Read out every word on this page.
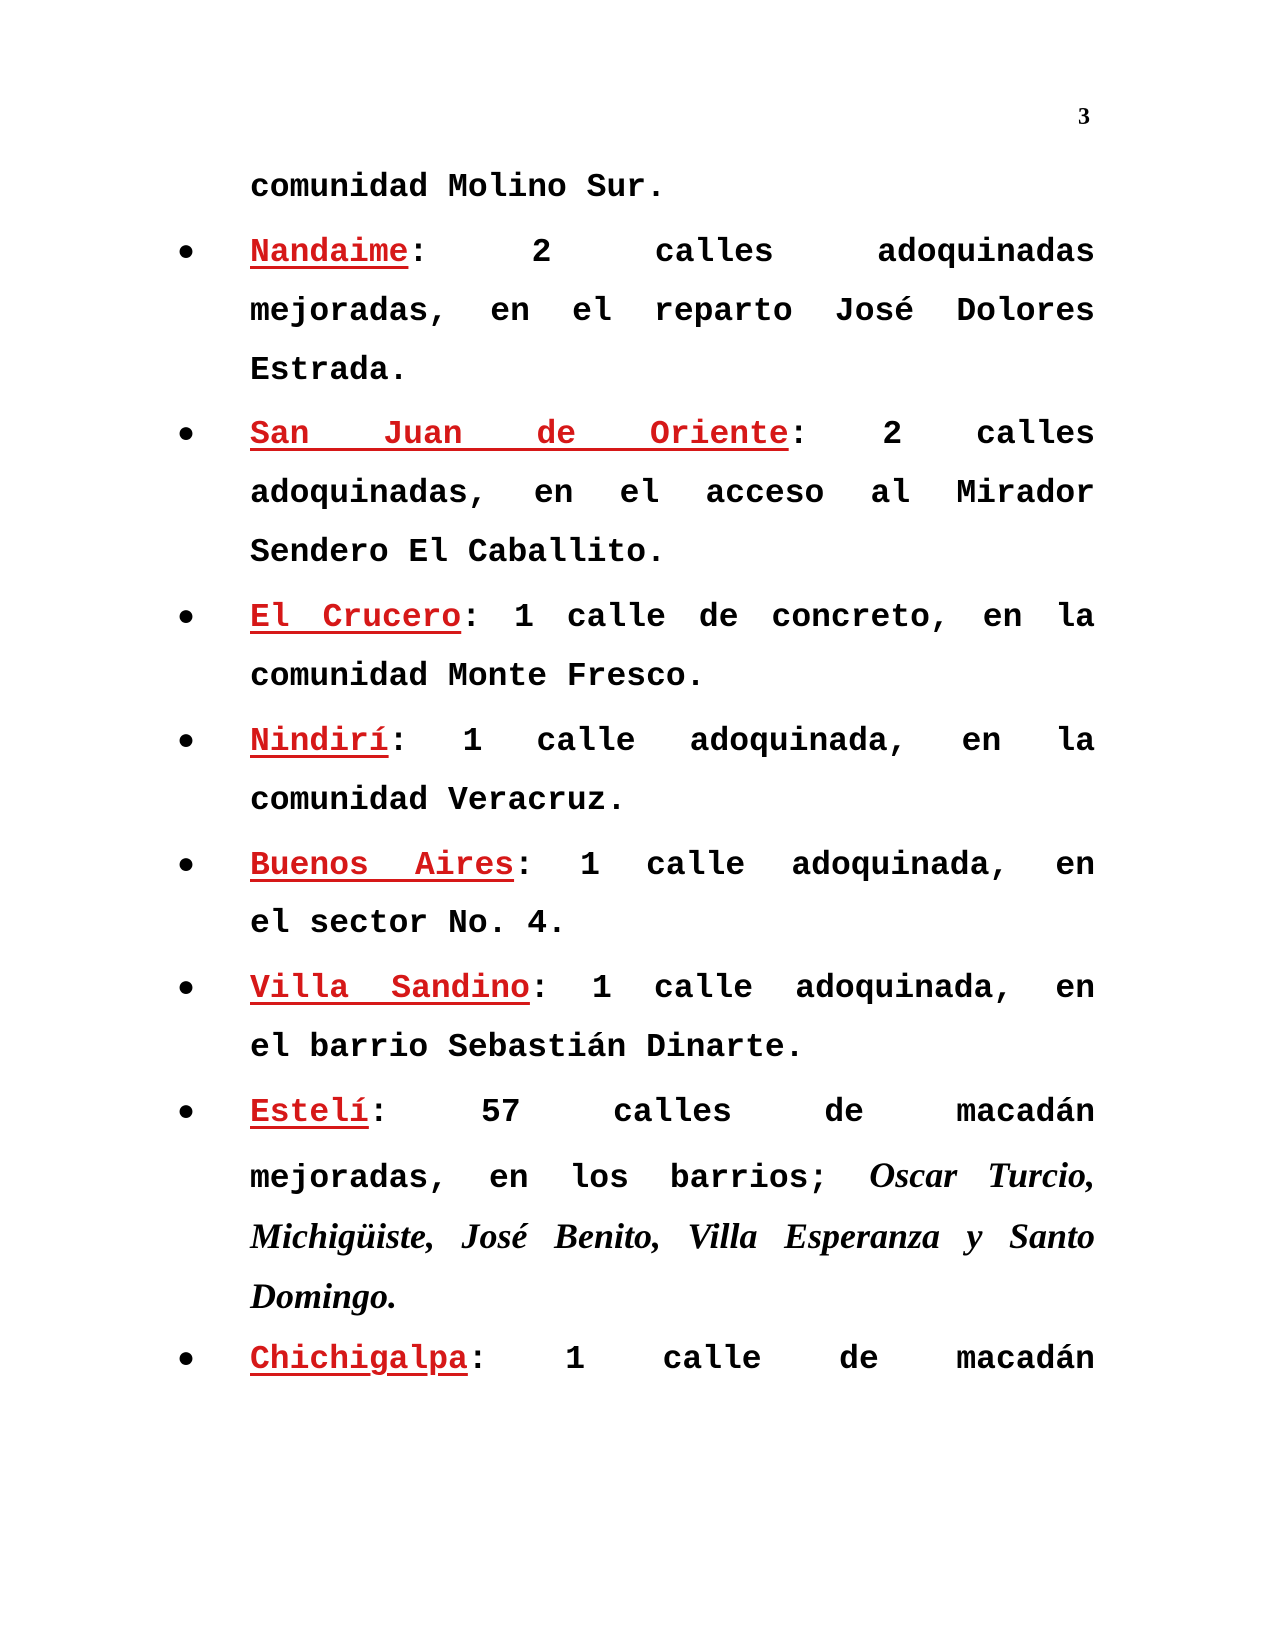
3
comunidad Molino Sur.
● Nandaime: 2 calles adoquinadas
mejoradas, en el reparto José Dolores
Estrada.
● San Juan de Oriente: 2 calles
adoquinadas, en el acceso al Mirador
Sendero El Caballito.
● El Crucero: 1 calle de concreto, en la
comunidad Monte Fresco.
● Nindirí: 1 calle adoquinada, en la
comunidad Veracruz.
● Buenos Aires: 1 calle adoquinada, en
el sector No. 4.
● Villa Sandino: 1 calle adoquinada, en
el barrio Sebastián Dinarte.
● Estelí: 57 calles de macadán
mejoradas, en los barrios; Oscar Turcio,
Michigüiste, José Benito, Villa Esperanza y Santo
Domingo.
● Chichigalpa: 1 calle de macadán
